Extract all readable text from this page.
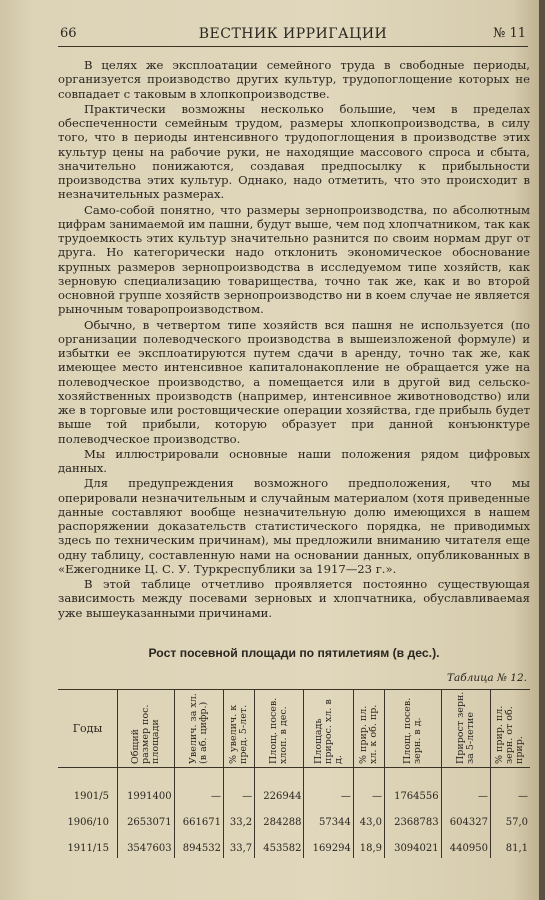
66	ВЕСТНИК ИРРИГАЦИИ	№ 11

В целях же эксплоатации семейного труда в свободные периоды, организуется производство других культур, трудопоглощение которых не совпадает с таковым в хлопкопроизводстве.

Практически возможны несколько большие, чем в пределах обеспеченности семейным трудом, размеры хлопкопроизводства, в силу того, что в периоды интенсивного трудопоглощения в производстве этих культур цены на рабочие руки, не находящие массового спроса и сбыта, значительно понижаются, создавая предпосылку к прибыльности производства этих культур. Однако, надо отметить, что это происходит в незначительных размерах.

Само-собой понятно, что размеры зернопроизводства, по абсолютным цифрам занимаемой им пашни, будут выше, чем под хлопчатником, так как трудоемкость этих культур значительно разнится по своим нормам друг от друга. Но категорически надо отклонить экономическое обоснование крупных размеров зернопроизводства в исследуемом типе хозяйств, как зерновую специализацию товарищества, точно так же, как и во второй основной группе хозяйств зернопроизводство ни в коем случае не является рыночным товаропроизводством.

Обычно, в четвертом типе хозяйств вся пашня не используется (по организации полеводческого производства в вышеизложеной формуле) и избытки ее эксплоатируются путем сдачи в аренду, точно так же, как имеющее место интенсивное капиталонакопление не обращается уже на полеводческое производство, а помещается или в другой вид сельско-хозяйственных производств (например, интенсивное животноводство) или же в торговые или ростовщические операции хозяйства, где прибыль будет выше той прибыли, которую образует при данной конъюнктуре полеводческое производство.

Мы иллюстрировали основные наши положения рядом цифровых данных.

Для предупреждения возможного предположения, что мы оперировали незначительным и случайным материалом (хотя приведенные данные составляют вообще незначительную долю имеющихся в нашем распоряжении доказательств статистического порядка, не приводимых здесь по техническим причинам), мы предложили вниманию читателя еще одну таблицу, составленную нами на основании данных, опубликованных в «Ежегоднике Ц. С. У. Туркреспублики за 1917—23 г.».

В этой таблице отчетливо проявляется постоянно существующая зависимость между посевами зерновых и хлопчатника, обуславливаемая уже вышеуказанными причинами.

Рост посевной площади по пятилетиям (в дес.).
Таблица № 12.
Годы	Общий размер пос. площади	Увелич. за хл. (в аб. цифр.)	% увелич. к пред. 5-лет.	Площ. посев. хлоп. в дес.	Площадь прирос. хл. в д.	% прир. пл. хл. к об. пр.	Площ. посев. зерн. в д.	Прирост зерн. за 5-летие	% прир. пл. зерн. от об. прир.
1901/5	1991400	—	—	226944	—	—	1764556	—	—
1906/10	2653071	661671	33,2	284288	57344	43,0	2368783	604327	57,0
1911/15	3547603	894532	33,7	453582	169294	18,9	3094021	440950	81,1
